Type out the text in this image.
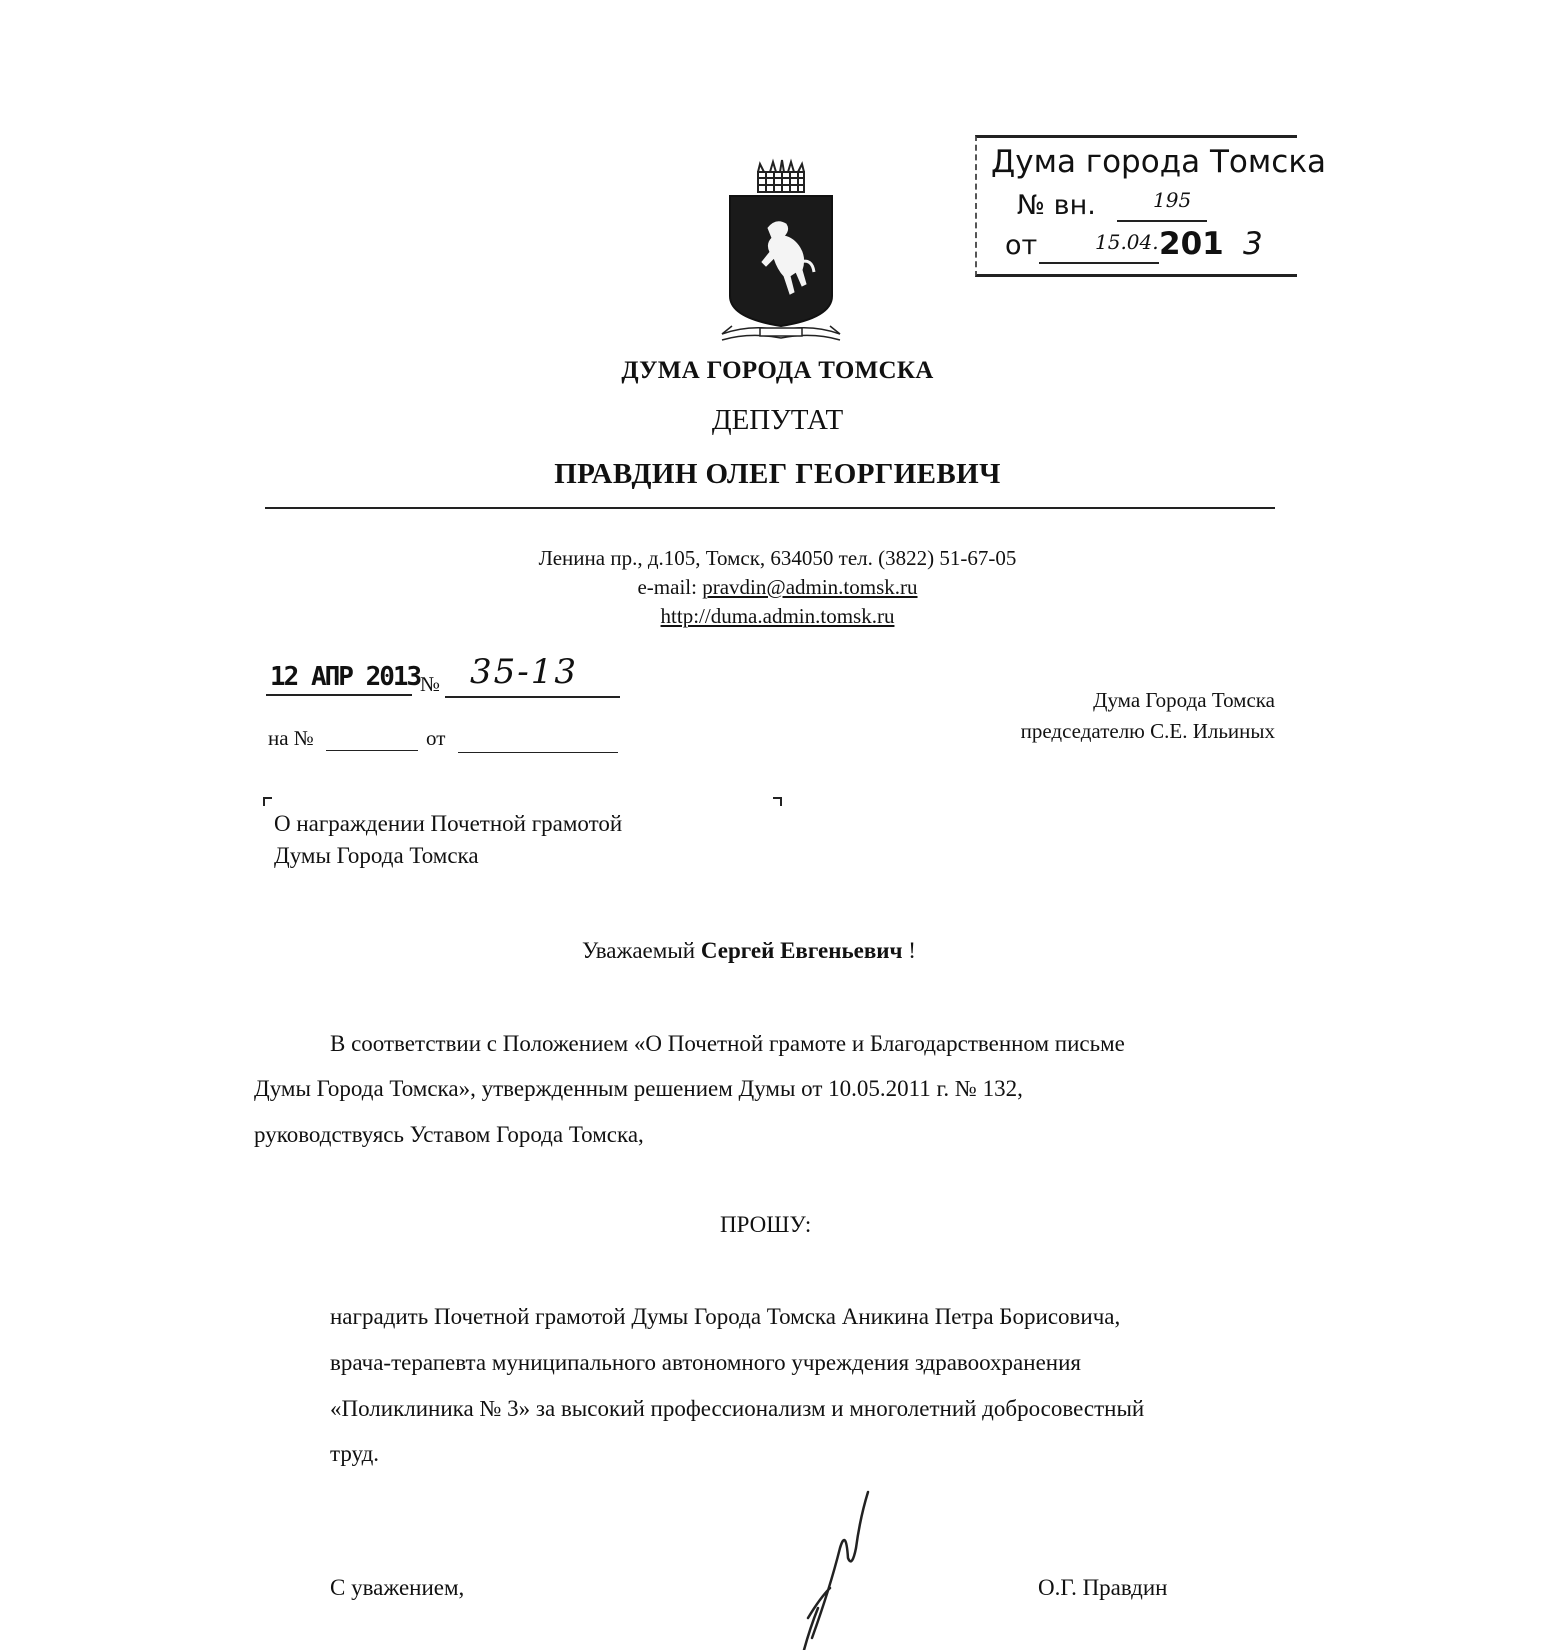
Дума города Томска
№ вн.	195
от	15.04. 201 3
ДУМА ГОРОДА ТОМСКА
ДЕПУТАТ
ПРАВДИН ОЛЕГ ГЕОРГИЕВИЧ
Ленина пр., д.105, Томск, 634050 тел. (3822) 51-67-05
e-mail: pravdin@admin.tomsk.ru
http://duma.admin.tomsk.ru
12 АПР 2013 № 35-13
на №	от
Дума Города Томска
председателю С.Е. Ильиных
О награждении Почетной грамотой
Думы Города Томска
Уважаемый Сергей Евгеньевич !
В соответствии с Положением «О Почетной грамоте и Благодарственном письме
Думы Города Томска», утвержденным решением Думы от 10.05.2011 г. № 132,
руководствуясь Уставом Города Томска,
ПРОШУ:
наградить Почетной грамотой Думы Города Томска Аникина Петра Борисовича,
врача-терапевта муниципального автономного учреждения здравоохранения
«Поликлиника № 3» за высокий профессионализм и многолетний добросовестный
труд.
С уважением,	О.Г. Правдин
